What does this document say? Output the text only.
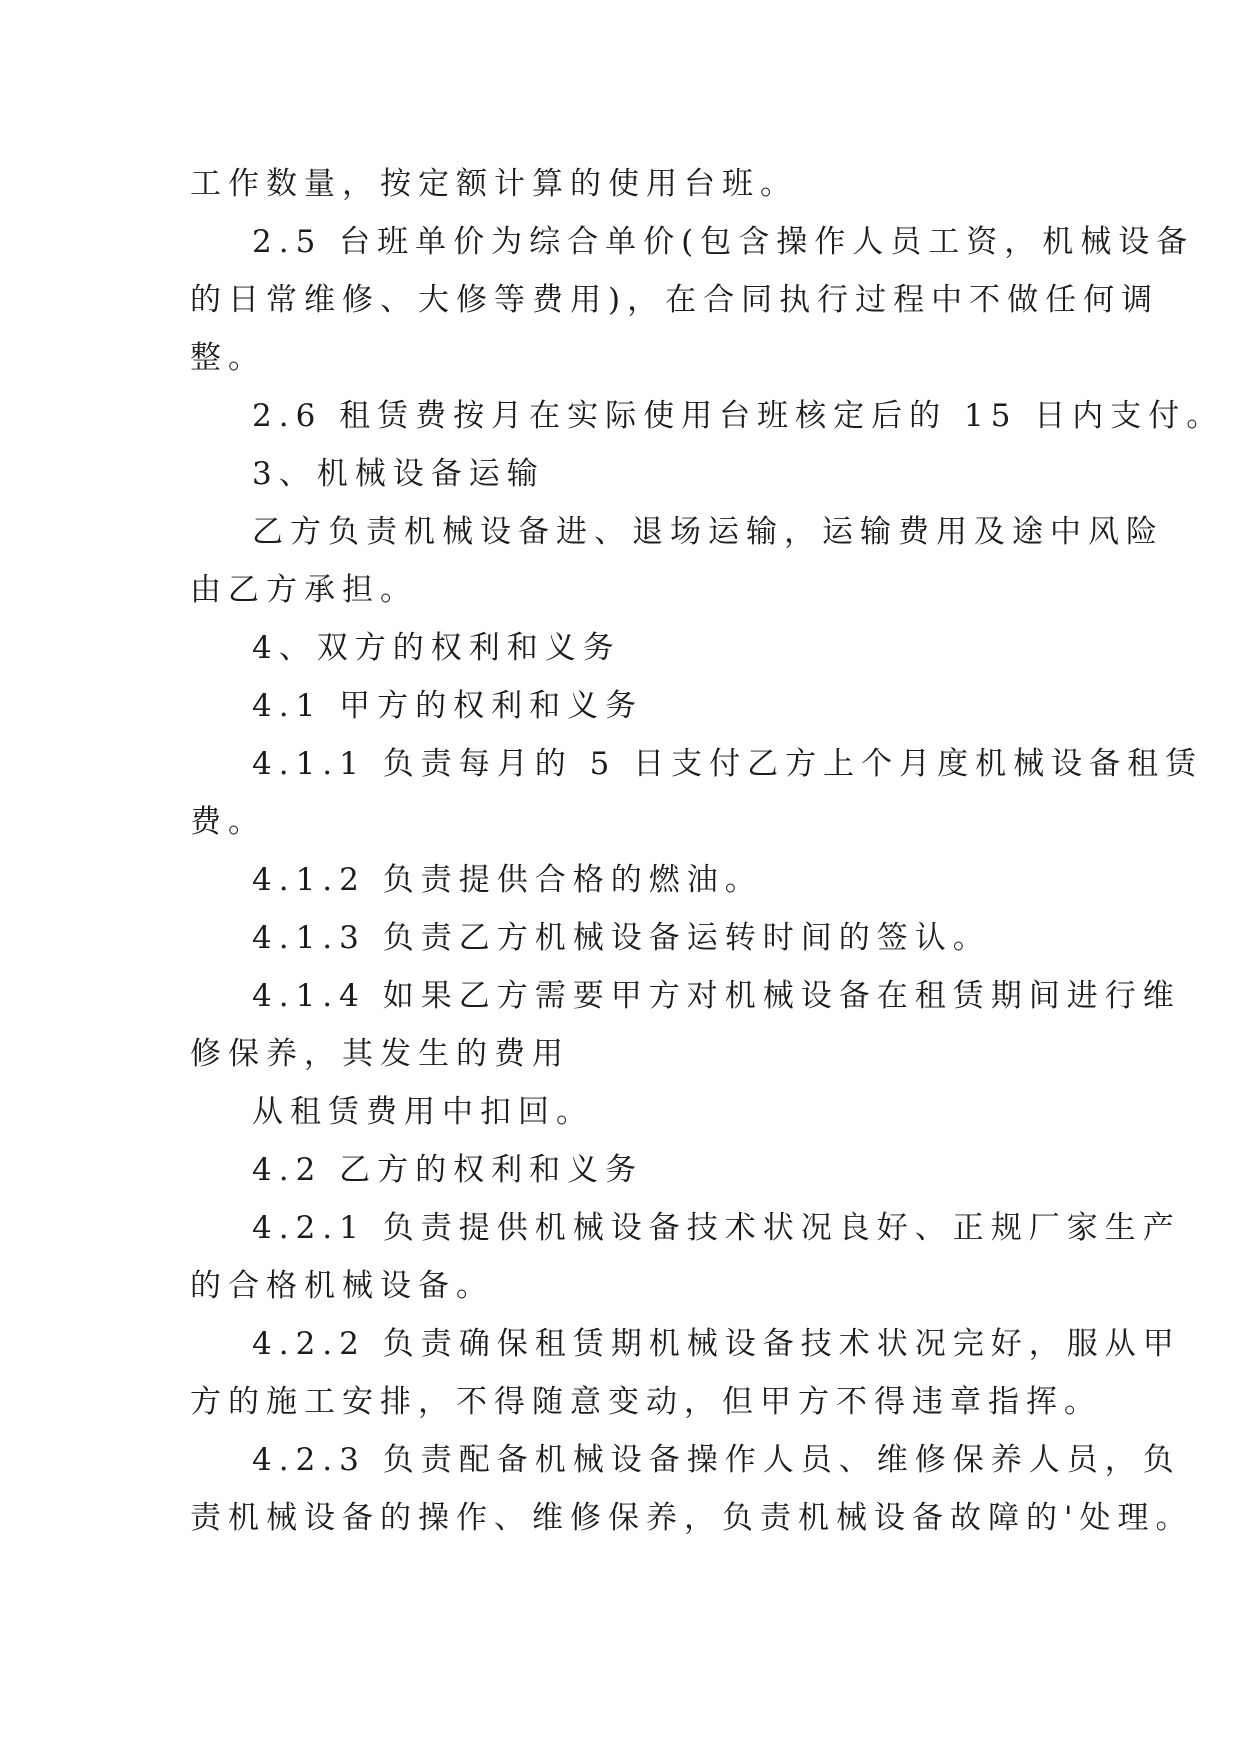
工作数量，按定额计算的使用台班。
2.5 台班单价为综合单价(包含操作人员工资，机械设备
的日常维修、大修等费用)，在合同执行过程中不做任何调
整。
2.6 租赁费按月在实际使用台班核定后的 15 日内支付。
3、机械设备运输
乙方负责机械设备进、退场运输，运输费用及途中风险
由乙方承担。
4、双方的权利和义务
4.1 甲方的权利和义务
4.1.1 负责每月的 5 日支付乙方上个月度机械设备租赁
费。
4.1.2 负责提供合格的燃油。
4.1.3 负责乙方机械设备运转时间的签认。
4.1.4 如果乙方需要甲方对机械设备在租赁期间进行维
修保养，其发生的费用
从租赁费用中扣回。
4.2 乙方的权利和义务
4.2.1 负责提供机械设备技术状况良好、正规厂家生产
的合格机械设备。
4.2.2 负责确保租赁期机械设备技术状况完好，服从甲
方的施工安排，不得随意变动，但甲方不得违章指挥。
4.2.3 负责配备机械设备操作人员、维修保养人员，负
责机械设备的操作、维修保养，负责机械设备故障的'处理。
